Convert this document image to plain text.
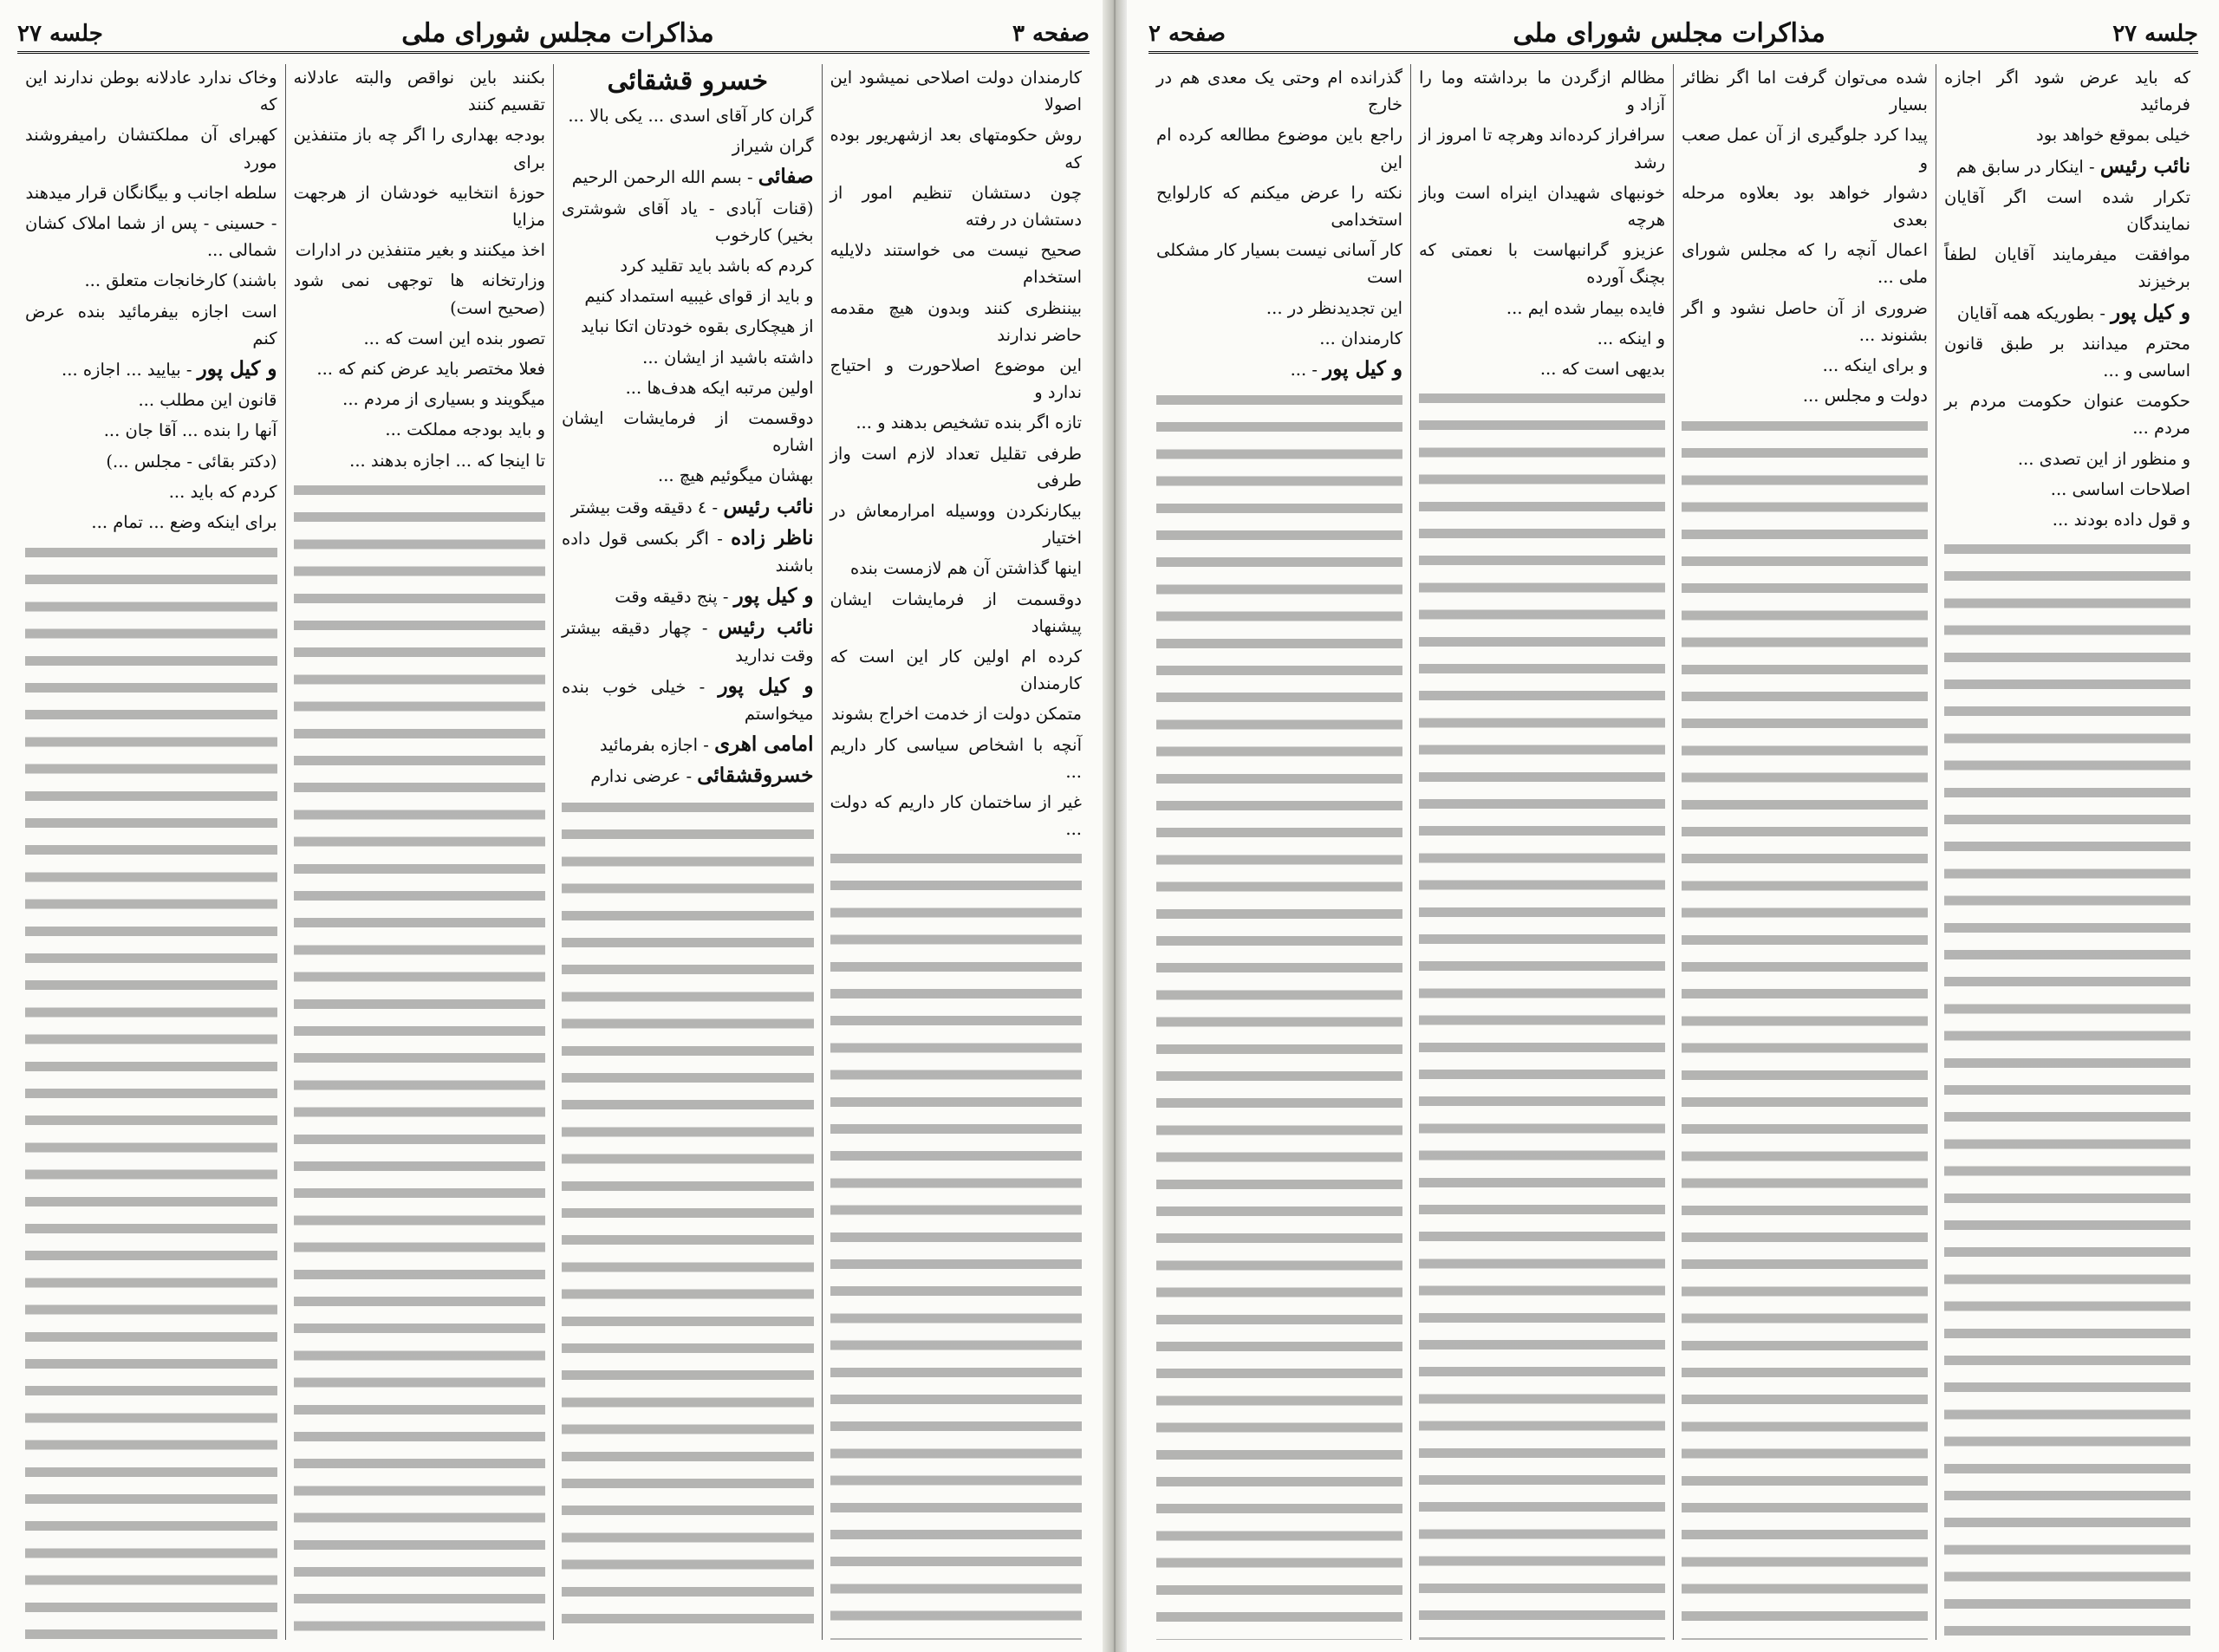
صفحه ۳
مذاکرات مجلس شورای ملی
جلسه ۲۷

کارمندان دولت اصلاحی نمیشود این اصولا

روش حکومتهای بعد ازشهریور بوده که

چون دستشان تنظیم امور از دستشان در رفته

صحیح نیست می خواستند دلایلیه استخدام

بیننظری کنند وبدون هیچ مقدمه حاضر ندارند

این موضوع اصلاحورت و احتیاج ندارد و

تازه اگر بنده تشخیص بدهند و ...

طرفی تقلیل تعداد لازم است واز طرفی

بیکارنکردن ووسیله امرارمعاش در اختیار

اینها گذاشتن آن هم لازمست بنده

دوقسمت از فرمایشات ایشان پیشنهاد

کرده ام اولین کار این است که کارمندان

متمکن دولت از خدمت اخراج بشوند

آنچه با اشخاص سیاسی کار داریم ...

غیر از ساختمان کار داریم که دولت ...

خسرو قشقائی

گران کار آقای اسدی ... یکی بالا ...

گران شیراز

صفائی - بسم الله الرحمن الرحیم

(قنات آبادی - یاد آقای شوشتری بخیر) کارخوب

کردم که باشد باید تقلید کرد

و باید از قوای غیبیه استمداد کنیم

از هیچکاری بقوه خودتان اتکا نباید

داشته باشید از ایشان ...

اولین مرتبه ایکه هدف‌ها ...

دوقسمت از فرمایشات ایشان اشاره

بهشان میگوئیم هیچ ...

نائب رئیس - ٤ دقیقه وقت بیشتر

ناظر زاده - اگر بکسی قول داده باشند

و کیل پور - پنج دقیقه وقت

نائب رئیس - چهار دقیقه بیشتر وقت ندارید

و کیل پور - خیلی خوب بنده میخواستم

امامی اهری - اجازه بفرمائید

خسروقشقائی - عرضی ندارم

بکنند باین نواقص والبته عادلانه تقسیم کنند

بودجه بهداری را اگر چه باز متنفذین برای

حوزهٔ انتخابیه خودشان از هرجهت مزایا

اخذ میکنند و بغیر متنفذین در ادارات

وزارتخانه ها توجهی نمی شود (صحیح است)

تصور بنده این است که ...

فعلا مختصر باید عرض کنم که ...

میگویند و بسیاری از مردم ...

و باید بودجه مملکت ...

تا اینجا که ... اجازه بدهند ...

وخاک ندارد عادلانه بوطن ندارند این که

کهبرای آن مملکتشان رامیفروشند مورد

سلطه اجانب و بیگانگان قرار میدهند

- حسینی - پس از شما املاک کشان شمالی ...

باشند) کارخانجات متعلق ...

است اجازه بیفرمائید بنده عرض کنم

و کیل پور - بیایید ... اجازه ...

قانون این مطلب ...

آنها را بنده ... آقا جان ...

(دکتر بقائی - مجلس ...)

کردم که باید ...

برای اینکه وضع ... تمام ...

جلسه ۲۷
مذاکرات مجلس شورای ملی
صفحه ۲

که باید عرض شود اگر اجازه فرمائید

خیلی بموقع خواهد بود

نائب رئیس - اینکار در سابق هم

تکرار شده است اگر آقایان نمایندگان

موافقت میفرمایند آقایان لطفاً برخیزند

و کیل پور - بطوریکه همه آقایان

محترم میدانند بر طبق قانون اساسی و ...

حکومت عنوان حکومت مردم بر مردم ...

و منظور از این تصدی ...

اصلاحات اساسی ...

و قول داده بودند ...

شده می‌توان گرفت اما اگر نظائر بسیار

پیدا کرد جلوگیری از آن عمل صعب و

دشوار خواهد بود بعلاوه مرحله بعدی

اعمال آنچه را که مجلس شورای ملی ...

ضروری از آن حاصل نشود و اگر بشنوند ...

و برای اینکه ...

دولت و مجلس ...

مظالم ازگردن ما برداشته وما را آزاد و

سرافراز کرده‌اند وهرچه تا امروز از رشد

خونبهای شهیدان اینراه است وباز هرچه

عزیزو گرانبهاست با نعمتی که بچنگ آورده

فایده بیمار شده ایم ...

و اینکه ...

بدیهی است که ...

گذرانده ام وحتی یک معدی هم در خارج

راجع باین موضوع مطالعه کرده ام این

نکته را عرض میکنم که کارلوایح استخدامی

کار آسانی نیست بسیار کار مشکلی است

این تجدیدنظر در ...

کارمندان ...

و کیل پور - ...
